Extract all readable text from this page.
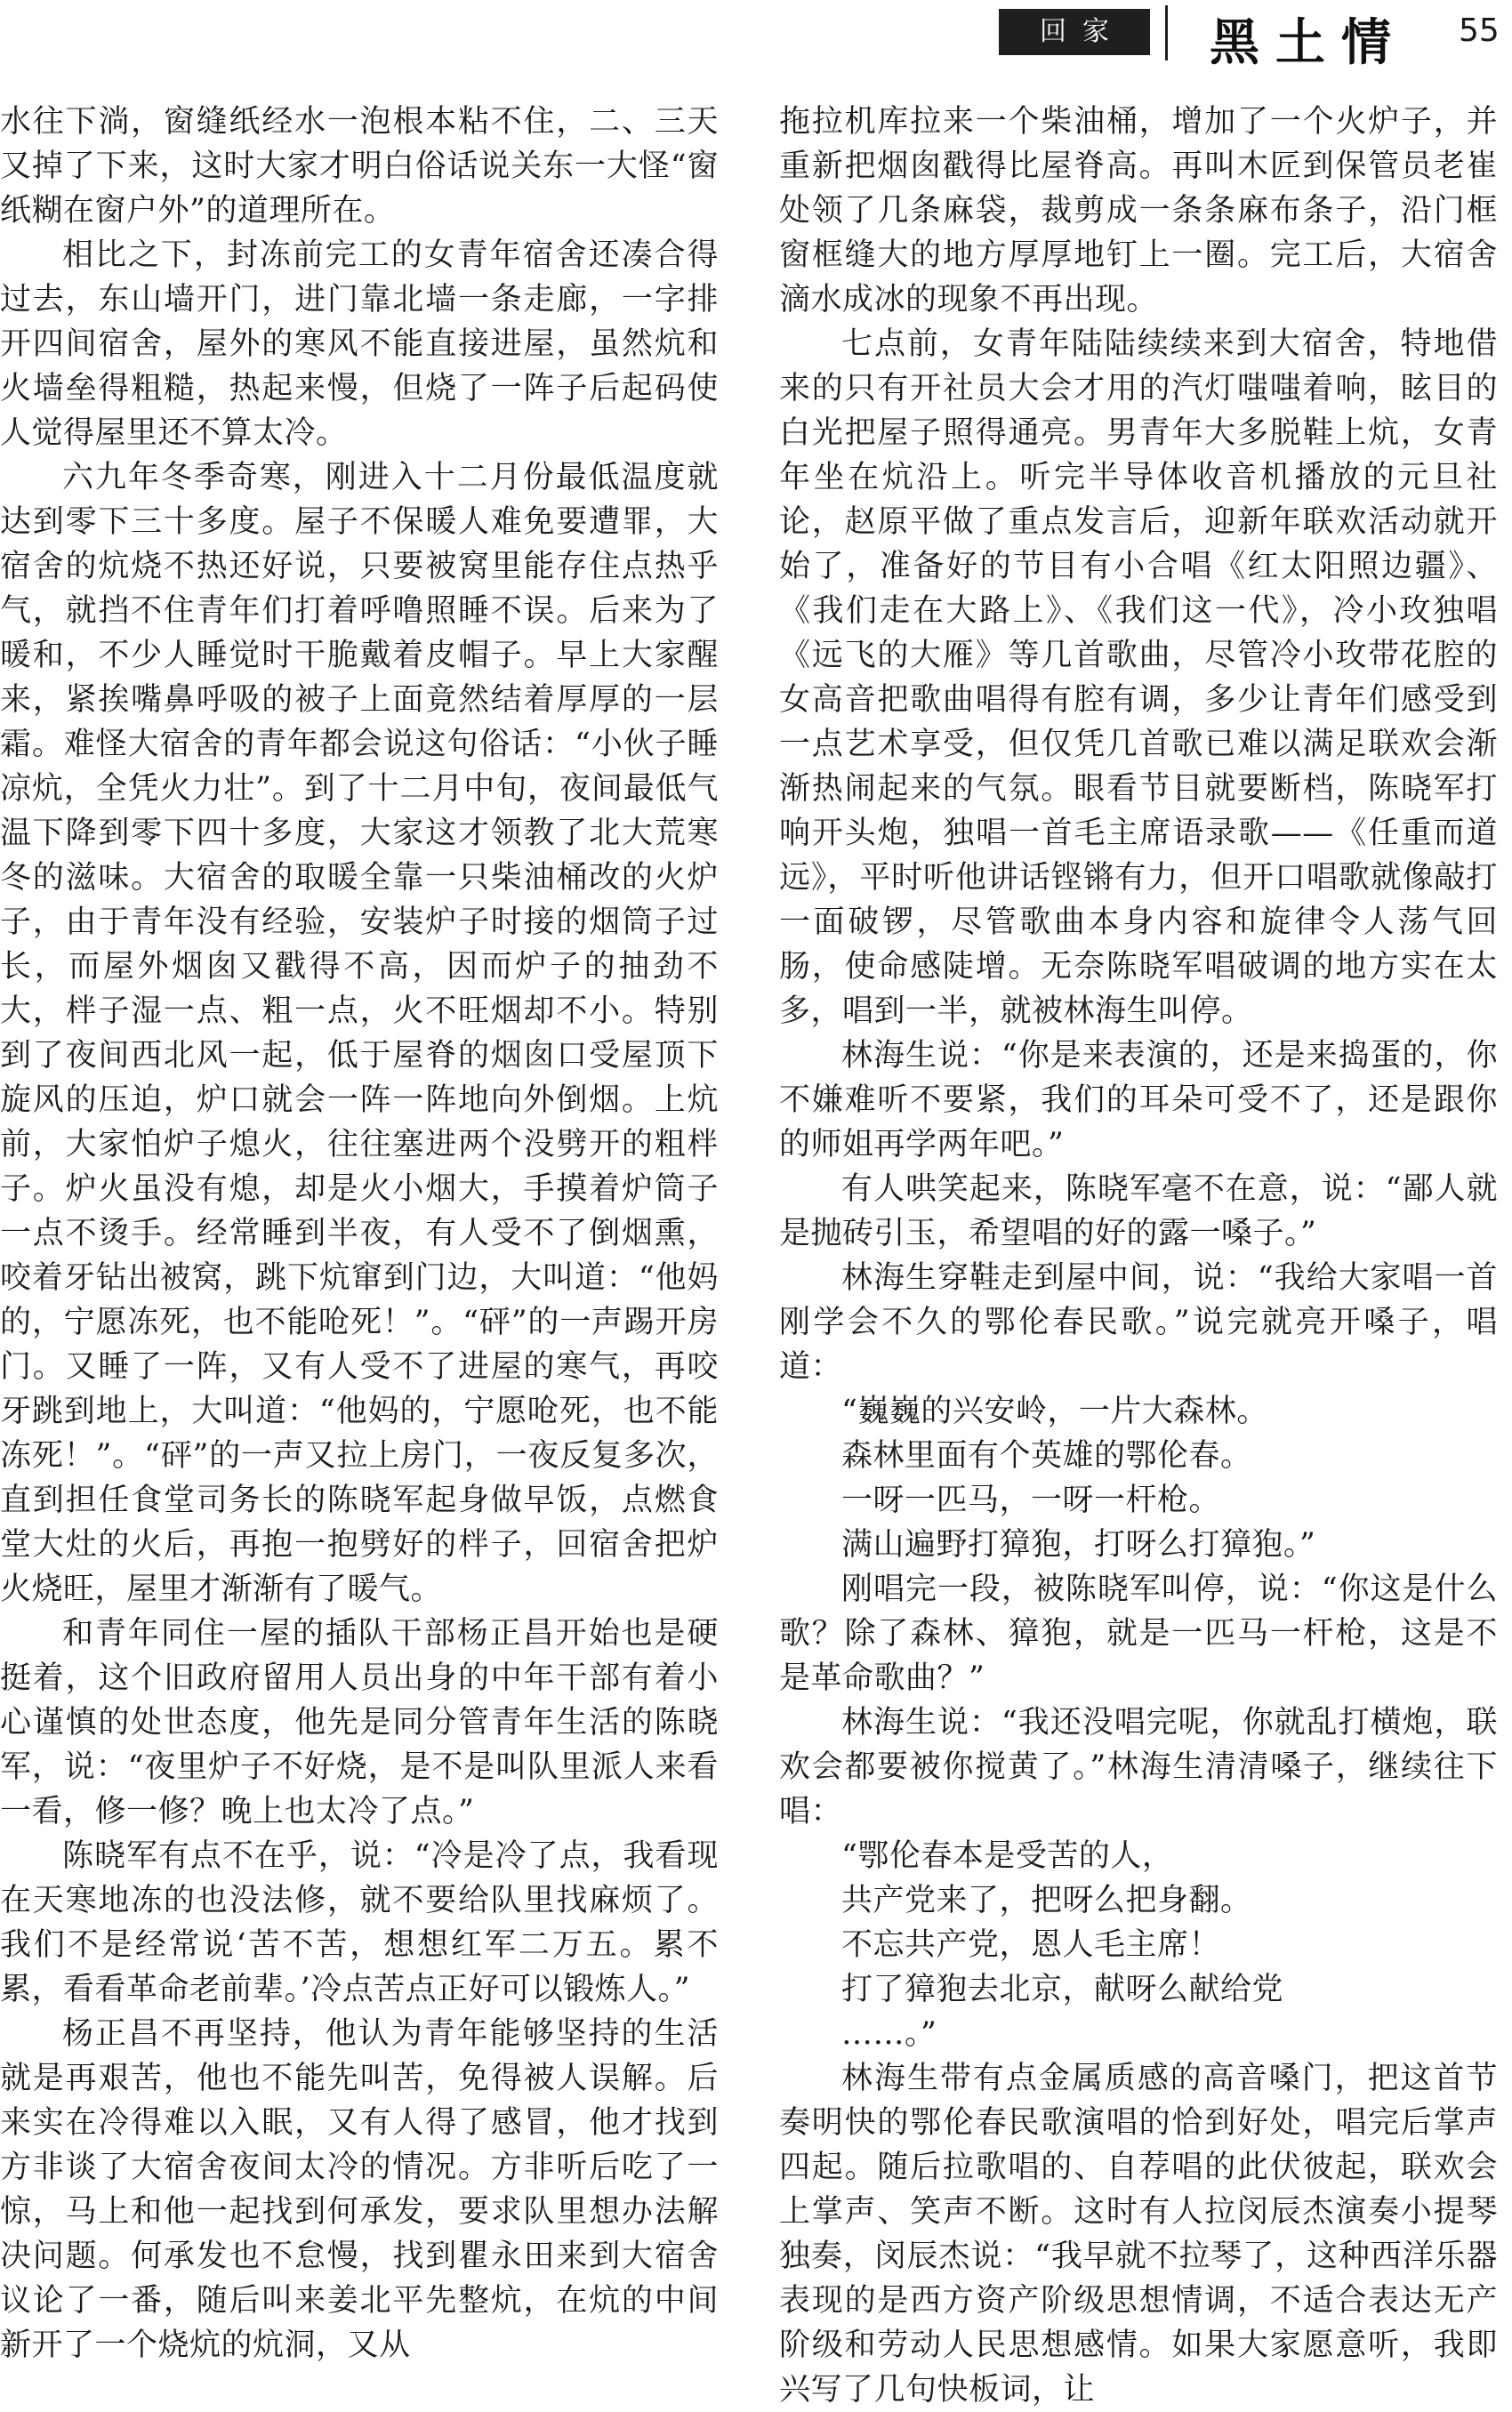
回家	黑土情 55

水往下淌，窗缝纸经水一泡根本粘不住，二、三天又掉了下来，这时大家才明白俗话说关东一大怪“窗纸糊在窗户外”的道理所在。

相比之下，封冻前完工的女青年宿舍还凑合得过去，东山墙开门，进门靠北墙一条走廊，一字排开四间宿舍，屋外的寒风不能直接进屋，虽然炕和火墙垒得粗糙，热起来慢，但烧了一阵子后起码使人觉得屋里还不算太冷。

六九年冬季奇寒，刚进入十二月份最低温度就达到零下三十多度。屋子不保暖人难免要遭罪，大宿舍的炕烧不热还好说，只要被窝里能存住点热乎气，就挡不住青年们打着呼噜照睡不误。后来为了暖和，不少人睡觉时干脆戴着皮帽子。早上大家醒来，紧挨嘴鼻呼吸的被子上面竟然结着厚厚的一层霜。难怪大宿舍的青年都会说这句俗话：“小伙子睡凉炕，全凭火力壮”。到了十二月中旬，夜间最低气温下降到零下四十多度，大家这才领教了北大荒寒冬的滋味。大宿舍的取暖全靠一只柴油桶改的火炉子，由于青年没有经验，安装炉子时接的烟筒子过长，而屋外烟囱又戳得不高，因而炉子的抽劲不大，柈子湿一点、粗一点，火不旺烟却不小。特别到了夜间西北风一起，低于屋脊的烟囱口受屋顶下旋风的压迫，炉口就会一阵一阵地向外倒烟。上炕前，大家怕炉子熄火，往往塞进两个没劈开的粗柈子。炉火虽没有熄，却是火小烟大，手摸着炉筒子一点不烫手。经常睡到半夜，有人受不了倒烟熏，咬着牙钻出被窝，跳下炕窜到门边，大叫道：“他妈的，宁愿冻死，也不能呛死！”。“砰”的一声踢开房门。又睡了一阵，又有人受不了进屋的寒气，再咬牙跳到地上，大叫道：“他妈的，宁愿呛死，也不能冻死！”。“砰”的一声又拉上房门，一夜反复多次，直到担任食堂司务长的陈晓军起身做早饭，点燃食堂大灶的火后，再抱一抱劈好的柈子，回宿舍把炉火烧旺，屋里才渐渐有了暖气。

和青年同住一屋的插队干部杨正昌开始也是硬挺着，这个旧政府留用人员出身的中年干部有着小心谨慎的处世态度，他先是同分管青年生活的陈晓军，说：“夜里炉子不好烧，是不是叫队里派人来看一看，修一修？晚上也太冷了点。”

陈晓军有点不在乎，说：“冷是冷了点，我看现在天寒地冻的也没法修，就不要给队里找麻烦了。我们不是经常说‘苦不苦，想想红军二万五。累不累，看看革命老前辈。’冷点苦点正好可以锻炼人。”

杨正昌不再坚持，他认为青年能够坚持的生活就是再艰苦，他也不能先叫苦，免得被人误解。后来实在冷得难以入眠，又有人得了感冒，他才找到方非谈了大宿舍夜间太冷的情况。方非听后吃了一惊，马上和他一起找到何承发，要求队里想办法解决问题。何承发也不怠慢，找到瞿永田来到大宿舍议论了一番，随后叫来姜北平先整炕，在炕的中间新开了一个烧炕的炕洞，又从

拖拉机库拉来一个柴油桶，增加了一个火炉子，并重新把烟囱戳得比屋脊高。再叫木匠到保管员老崔处领了几条麻袋，裁剪成一条条麻布条子，沿门框窗框缝大的地方厚厚地钉上一圈。完工后，大宿舍滴水成冰的现象不再出现。

七点前，女青年陆陆续续来到大宿舍，特地借来的只有开社员大会才用的汽灯嗤嗤着响，眩目的白光把屋子照得通亮。男青年大多脱鞋上炕，女青年坐在炕沿上。听完半导体收音机播放的元旦社论，赵原平做了重点发言后，迎新年联欢活动就开始了，准备好的节目有小合唱《红太阳照边疆》、《我们走在大路上》、《我们这一代》，冷小玫独唱《远飞的大雁》等几首歌曲，尽管冷小玫带花腔的女高音把歌曲唱得有腔有调，多少让青年们感受到一点艺术享受，但仅凭几首歌已难以满足联欢会渐渐热闹起来的气氛。眼看节目就要断档，陈晓军打响开头炮，独唱一首毛主席语录歌——《任重而道远》，平时听他讲话铿锵有力，但开口唱歌就像敲打一面破锣，尽管歌曲本身内容和旋律令人荡气回肠，使命感陡增。无奈陈晓军唱破调的地方实在太多，唱到一半，就被林海生叫停。

林海生说：“你是来表演的，还是来捣蛋的，你不嫌难听不要紧，我们的耳朵可受不了，还是跟你的师姐再学两年吧。”

有人哄笑起来，陈晓军毫不在意，说：“鄙人就是抛砖引玉，希望唱的好的露一嗓子。”

林海生穿鞋走到屋中间，说：“我给大家唱一首刚学会不久的鄂伦春民歌。”说完就亮开嗓子，唱道：

“巍巍的兴安岭，一片大森林。

森林里面有个英雄的鄂伦春。

一呀一匹马，一呀一杆枪。

满山遍野打獐狍，打呀么打獐狍。”

刚唱完一段，被陈晓军叫停，说：“你这是什么歌？除了森林、獐狍，就是一匹马一杆枪，这是不是革命歌曲？”

林海生说：“我还没唱完呢，你就乱打横炮，联欢会都要被你搅黄了。”林海生清清嗓子，继续往下唱：

“鄂伦春本是受苦的人，

共产党来了，把呀么把身翻。

不忘共产党，恩人毛主席！

打了獐狍去北京，献呀么献给党

……。”

林海生带有点金属质感的高音嗓门，把这首节奏明快的鄂伦春民歌演唱的恰到好处，唱完后掌声四起。随后拉歌唱的、自荐唱的此伏彼起，联欢会上掌声、笑声不断。这时有人拉闵辰杰演奏小提琴独奏，闵辰杰说：“我早就不拉琴了，这种西洋乐器表现的是西方资产阶级思想情调，不适合表达无产阶级和劳动人民思想感情。如果大家愿意听，我即兴写了几句快板词，让
